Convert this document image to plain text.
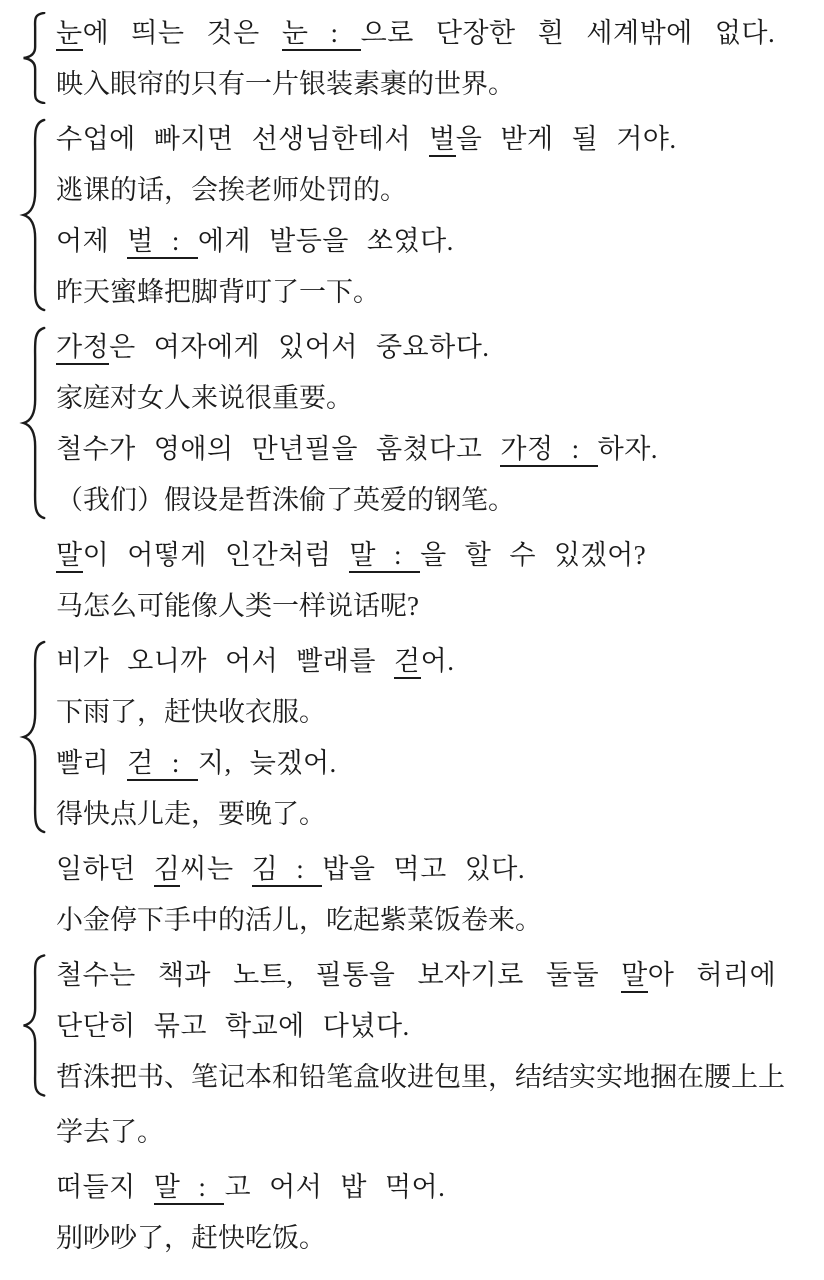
눈에 띄는 것은 눈 : 으로 단장한 흰 세계밖에 없다.
映入眼帘的只有一片银装素裹的世界。
수업에 빠지면 선생님한테서 벌을 받게 될 거야.
逃课的话，会挨老师处罚的。
어제 벌 : 에게 발등을 쏘였다.
昨天蜜蜂把脚背叮了一下。
가정은 여자에게 있어서 중요하다.
家庭对女人来说很重要。
철수가 영애의 만년필을 훔쳤다고 가정 : 하자.
（我们）假设是哲洙偷了英爱的钢笔。
말이 어떻게 인간처럼 말 : 을 할 수 있겠어?
马怎么可能像人类一样说话呢?
비가 오니까 어서 빨래를 걷어.
下雨了，赶快收衣服。
빨리 걷 : 지, 늦겠어.
得快点儿走，要晚了。
일하던 김씨는 김 : 밥을 먹고 있다.
小金停下手中的活儿，吃起紫菜饭卷来。
철수는 책과 노트, 필통을 보자기로 둘둘 말아 허리에
단단히 묶고 학교에 다녔다.
哲洙把书、笔记本和铅笔盒收进包里，结结实实地捆在腰上上
学去了。
떠들지 말 : 고 어서 밥 먹어.
别吵吵了，赶快吃饭。
